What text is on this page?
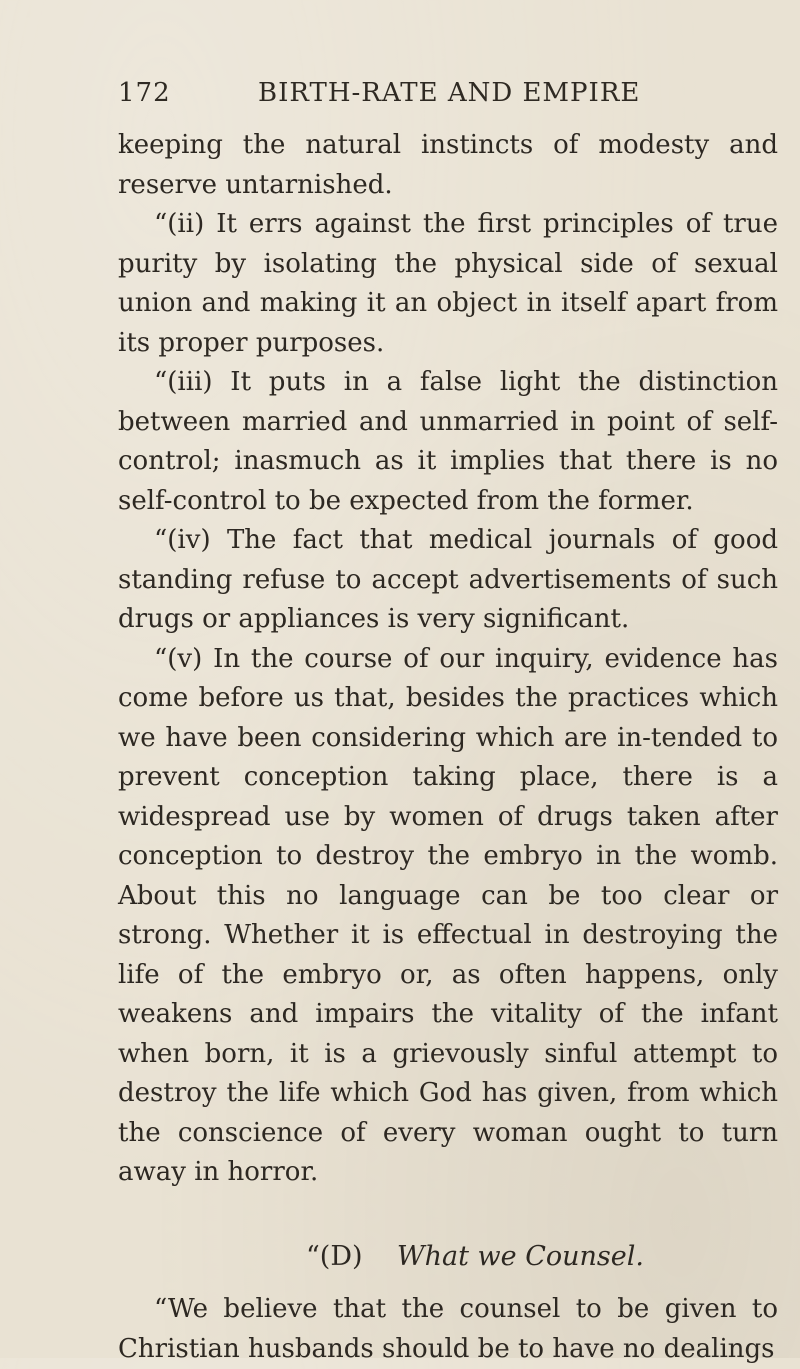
172	BIRTH-RATE AND EMPIRE

keeping the natural instincts of modesty and reserve untarnished.

“(ii) It errs against the first principles of true purity by isolating the physical side of sexual union and making it an object in itself apart from its proper purposes.

“(iii) It puts in a false light the distinction between married and unmarried in point of self-control; inasmuch as it implies that there is no self-control to be expected from the former.

“(iv) The fact that medical journals of good standing refuse to accept advertisements of such drugs or appliances is very significant.

“(v) In the course of our inquiry, evidence has come before us that, besides the practices which we have been considering which are in-tended to prevent conception taking place, there is a widespread use by women of drugs taken after conception to destroy the embryo in the womb. About this no language can be too clear or strong. Whether it is effectual in destroying the life of the embryo or, as often happens, only weakens and impairs the vitality of the infant when born, it is a grievously sinful attempt to destroy the life which God has given, from which the conscience of every woman ought to turn away in horror.

“(D) What we Counsel.

“We believe that the counsel to be given to Christian husbands should be to have no dealings
